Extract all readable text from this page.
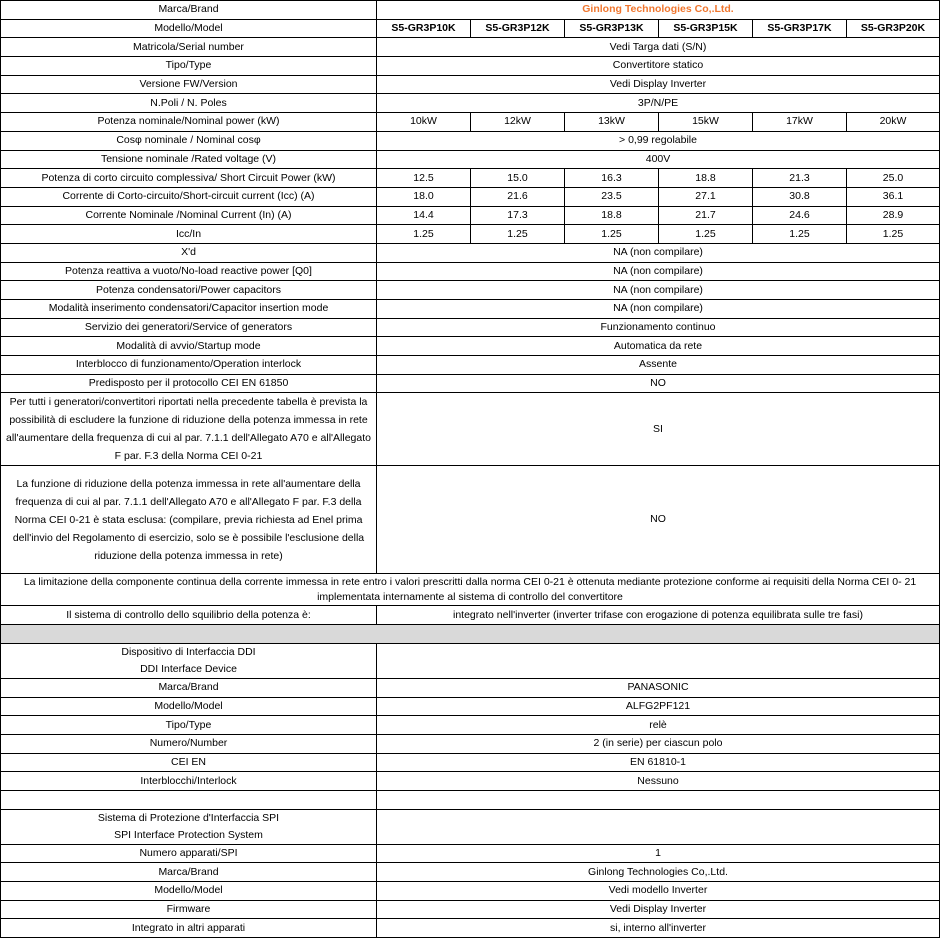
Marca/Brand	Ginlong Technologies Co,.Ltd.					
Modello/Model	S5-GR3P10K	S5-GR3P12K	S5-GR3P13K	S5-GR3P15K	S5-GR3P17K	S5-GR3P20K
Matricola/Serial number	Vedi Targa dati (S/N)					
Tipo/Type	Convertitore statico					
Versione FW/Version	Vedi Display Inverter					
N.Poli / N. Poles	3P/N/PE					
Potenza nominale/Nominal power (kW)	10kW	12kW	13kW	15kW	17kW	20kW
Cosφ nominale / Nominal cosφ	> 0,99 regolabile					
Tensione nominale /Rated voltage (V)	400V					
Potenza di corto circuito complessiva/ Short Circuit Power (kW)	12.5	15.0	16.3	18.8	21.3	25.0
Corrente di Corto-circuito/Short-circuit current (Icc) (A)	18.0	21.6	23.5	27.1	30.8	36.1
Corrente Nominale /Nominal Current (In) (A)	14.4	17.3	18.8	21.7	24.6	28.9
Icc/In	1.25	1.25	1.25	1.25	1.25	1.25
X'd	NA (non compilare)					
Potenza reattiva a vuoto/No-load reactive power [Q0]	NA (non compilare)					
Potenza condensatori/Power capacitors	NA (non compilare)					
Modalità inserimento condensatori/Capacitor insertion mode	NA (non compilare)					
Servizio dei generatori/Service of generators	Funzionamento continuo					
Modalità di avvio/Startup mode	Automatica da rete					
Interblocco di funzionamento/Operation interlock	Assente					
Predisposto per il protocollo CEI EN 61850	NO					
Per tutti i generatori/convertitori riportati nella precedente tabella è prevista la possibilità di escludere la funzione di riduzione della potenza immessa in rete all'aumentare della frequenza di cui al par. 7.1.1 dell'Allegato A70 e all'Allegato F par. F.3 della Norma CEI 0-21	SI					
La funzione di riduzione della potenza immessa in rete all'aumentare della frequenza di cui al par. 7.1.1 dell'Allegato A70 e all'Allegato F par. F.3 della Norma CEI 0-21 è stata esclusa: (compilare, previa richiesta ad Enel prima dell'invio del Regolamento di esercizio, solo se è possibile l'esclusione della riduzione della potenza immessa in rete)	NO					
La limitazione della componente continua della corrente immessa in rete entro i valori prescritti dalla norma CEI 0-21 è ottenuta mediante protezione conforme ai requisiti della Norma CEI 0- 21 implementata internamente al sistema di controllo del convertitore						
Il sistema di controllo dello squilibrio della potenza è:	integrato nell'inverter (inverter trifase con erogazione di potenza equilibrata sulle tre fasi)					

Dispositivo di Interfaccia DDI
DDI Interface Device						
Marca/Brand	PANASONIC					
Modello/Model	ALFG2PF121					
Tipo/Type	relè					
Numero/Number	2 (in serie) per ciascun polo					
CEI EN	EN 61810-1					
Interblocchi/Interlock	Nessuno					

Sistema di Protezione d'Interfaccia SPI
SPI Interface Protection System						
Numero apparati/SPI	1					
Marca/Brand	Ginlong Technologies Co,.Ltd.					
Modello/Model	Vedi modello Inverter					
Firmware	Vedi Display Inverter					
Integrato in altri apparati	si, interno all'inverter					
